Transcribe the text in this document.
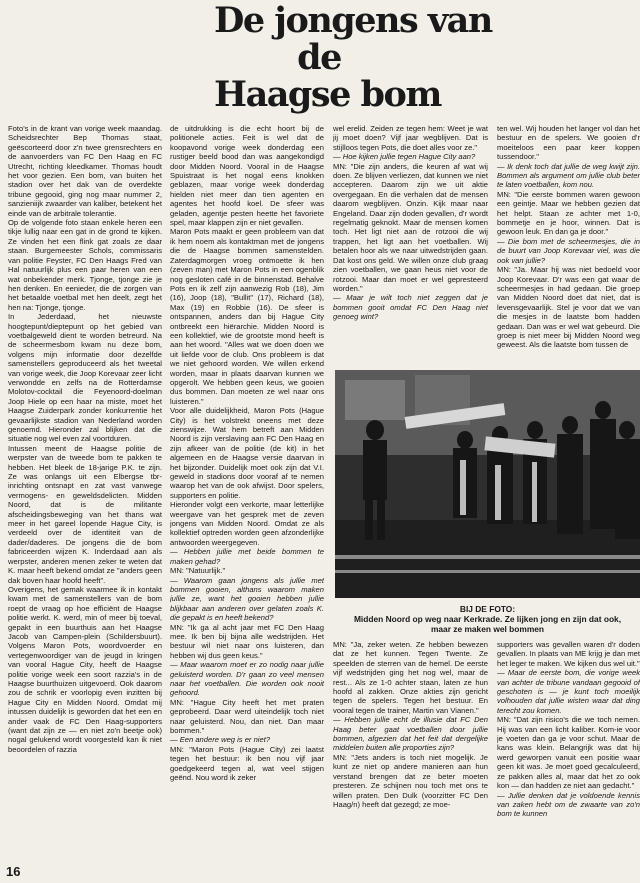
De jongens van
de
Haagse bom

Foto's in de krant van vorige week maandag. Scheidsrechter Bep Thomas staat, geëscorteerd door z'n twee grensrechters en de aanvoerders van FC Den Haag en FC Utrecht, richting kleedkamer. Thomas houdt het voor gezien. Een bom, van buiten het stadion over het dak van de overdekte tribune gegooid, ging nog maar nummer 2, sanzieniijk zwaarder van kaliber, betekent het einde van de arbitrale tolerantie.

Op de volgende foto staan enkele heren een tikje lullig naar een gat in de grond te kijken. Ze vinden het een flink gat zoals ze daar staan. Burgemeester Schols, commissaris van politie Feyster, FC Den Haags Fred van Hal natuurlijk plus een paar heren van een wat onbekender merk. Tjonge, tjonge zie je hen denken. En eenieder, die de zorgen van het betaalde voetbal met hen deelt, zegt het hen na: Tjonge, tjonge.

In Jederdaad, het nieuwste hoogtepunt/dieptepunt op het gebied van voetbalgeweld dient te worden betreurd. Na de scheermesbom kwam nu deze bom, volgens mijn informatie door dezelfde samenstellers geproduceerd als het tweetal van vorige week, die Joop Korevaar zeer licht verwondde en zelfs na de Rotterdamse Molotov-cocktail die Feyenoord-doelman Joop Hiele op een haar na miste, moet het Haagse Zuiderpark zonder konkurrentie het gevaarlijkste stadion van Nederland worden genoemd. Hieronder zal blijken dat die situatie nog wel even zal voortduren.

Intussen meent de Haagse politie de werpster van de tweede bom te pakken te hebben. Het bleek de 18-jarige P.K. te zijn. Ze was onlangs uit een Elbergse tbr-inrichting ontsnapt en zat vast vanwege vermogens- en geweldsdelicten. Midden Noord, dat is de militante afscheidingsbeweging van het thans wat meer in het gareel lopende Hague City, is verdeeld over de identiteit van de dader/daderes. De jongens die de bom fabriceerden wijzen K. Inderdaad aan als werpster, anderen menen zeker te weten dat K. maar heeft bekend omdat ze "anders geen dak boven haar hoofd heeft".

Overigens, het gemak waarmee ik in kontakt kwam met de samenstellers van de bom roept de vraag op hoe efficiënt de Haagse politie werkt. K. werd, min of meer bij toeval, gepakt in een buurthuis aan het Haagse Jacob van Campen-plein (Schildersbuurt). Volgens Maron Pots, woordvoerder en vertegenwoordiger van de jeugd in kringen van vooral Hague City, heeft de Haagse politie vorige week een soort razzia's in de Haagse buurthuizen uitgevoerd. Ook daarom zou de schrik er voorlopig even inzitten bij Hague City en Midden Noord. Omdat mij intussen duidelijk is geworden dat het een en ander vaak de FC Den Haag-supporters (want dat zijn ze — en niet zo'n beetje ook) nogal gelukend wordt voorgesteld kan ik niet beoordelen of razzia

de uitdrukking is die echt hoort bij de politionele acties. Feit is wel dat de koopavond vorige week donderdag een rustiger beeld bood dan was aangekondigd door Midden Noord. Vooral in de Haagse Spuistraat is het nogal eens knokken geblazen, maar vorige week donderdag hielden niet meer dan tien agenten en agentes het hoofd koel. De sfeer was geladen, agentje pesten heette het favoriete spel, maar klappen zijn er niet gevallen.

Maron Pots maakt er geen probleem van dat ik hem noem als kontaktman met de jongens die de Haagse bommen samenstelden. Zaterdagmorgen vroeg ontmoette ik hen (zeven man) met Maron Pots in een ogenblik nog gesloten café in de binnenstad. Behalve Pots en ik zelf zijn aanwezig Rob (18), Jim (16), Joop (18), "Bullit" (17), Richard (18), Max (19) en Robbie (16). De sfeer is ontspannen, anders dan bij Hague City ontbreekt een hiërarchie. Midden Noord is een kollektief, wie de grootste mond heeft is aan het woord. "Alles wat we doen doen we uit liefde voor de club. Ons probleem is dat we niet gehoord worden. We willen erkend worden, maar in plaats daarvan kunnen we opgerolt. We hebben geen keus, we gooien dus bommen. Dan moeten ze wel naar ons luisteren."

Voor alle duidelijkheid, Maron Pots (Hague City) is het volstrekt oneens met deze zienswijze. Wat hem betreft aan Midden Noord is zijn verslaving aan FC Den Haag en zijn afkeer van de politie (de kit) in het algemeen en de Haagse versie daarvan in het bijzonder. Duidelijk moet ook zijn dat V.I. geweld in stadions door vooraf af te nemen waarop het van de ook afwijst. Door spelers, supporters en politie.

Hieronder volgt een verkorte, maar letterlijke weergave van het gesprek met de zeven jongens van Midden Noord. Omdat ze als kollektief optreden worden geen afzonderlijke antwoorden weergegeven.

— Hebben jullie met beide bommen te maken gehad?

MN: "Natuurlijk."

— Waarom gaan jongens als jullie met bommen gooien, althans waarom maken jullie ze, want het gooien hebben jullie blijkbaar aan anderen over gelaten zoals K. die gepakt is en heeft bekend?

MN: "Ik ga al acht jaar met FC Den Haag mee. Ik ben bij bijna alle wedstrijden. Het bestuur wil niet naar ons luisteren, dan hebben wij dus geen keus."

— Maar waarom moet er zo nodig naar jullie geluisterd worden. D'r gaan zo veel mensen naar het voetballen. Die worden ook nooit gehoord.

MN: "Hague City heeft het met praten geprobeerd. Daar werd uiteindelijk toch niet naar geluisterd. Nou, dan niet. Dan maar bommen."

— Een andere weg is er niet?

MN: "Maron Pots (Hague City) zei laatst tegen het bestuur: ik ben nou vijf jaar goedgekeerd tegen al, wat veel stijgen geënd. Nou word ik zeker

wel erelid. Zeiden ze tegen hem: Weet je wat jij moet doen? Vijf jaar wegblijven. Dat is stijlloos tegen Pots, die doet alles voor ze."

— Hoe kijken jullie tegen Hague City aan?

MN: "Die zijn anders, die keuren af wat wij doen. Ze blijven verliezen, dat kunnen we niet accepteren. Daarom zijn we uit aktie overgegaan. En die verhalen dat de mensen daarom wegblijven. Onzin. Kijk maar naar Engeland. Daar zijn doden gevallen, d'r wordt regelmatig geknokt. Maar de mensen komen toch. Het ligt niet aan de rotzooi die wij trappen, het ligt aan het voetballen. Wij betalen hoor als we naar uitwedstrijden gaan. Dat kost ons geld. We willen onze club graag zien voetballen, we gaan heus niet voor de rotzooi. Maar dan moet er wel gepresteerd worden."

— Maar je wilt toch niet zeggen dat je bommen gooit omdat FC Den Haag niet genoeg wint?

ten wel. Wij houden het langer vol dan het bestuur en de spelers. We gooien d'r moeiteloos een paar keer koppen tussendoor."

— Ik denk toch dat jullie de weg kwijt zijn. Bommen als argument om jullie club beter te laten voetballen, kom nou.

MN: "Die eerste bommen waren gewoon een geintje. Maar we hebben gezien dat het helpt. Staan ze achter met 1-0, bommetje en je hoor, winnen. Dat is gewoon leuk. En dan ga je door."

— Die bom met de scheermesjes, die in de buurt van Joop Korevaar viel, was die ook van jullie?

MN: "Ja. Maar hij was niet bedoeld voor Joop Korevaar. D'r was een gat waar de scheermesjes in had gedaan. Die groep van Midden Noord doet dat niet, dat is levensgevaarlijk. Stel je voor dat we van die mesjes in de laatste bom hadden gedaan. Dan was er wel wat gebeurd. Die groep is niet meer bij Midden Noord weg geweest. Als die laatste bom tussen de

BIJ DE FOTO:
Midden Noord op weg naar Kerkrade. Ze lijken jong en zijn dat ook,
maar ze maken wel bommen

MN: "Ja, zeker weten. Ze hebben bewezen dat ze het kunnen. Tegen Twente. Ze speelden de sterren van de hemel. De eerste vijf wedstrijden ging het nog wel, maar de rest... Als ze 1-0 achter staan, laten ze hun hoofd al zakken. Onze akties zijn gericht tegen de spelers. Tegen het bestuur. En vooral tegen de trainer, Martin van Vianen."

— Hebben jullie echt de illusie dat FC Den Haag beter gaat voetballen door jullie bommen, afgezien dat het feit dat dergelijke middelen buiten alle proporties zijn?

MN: "Jets anders is toch niet mogelijk. Je kunt ze niet op andere manieren aan hun verstand brengen dat ze beter moeten presteren. Ze schijnen nou toch met ons te willen praten. Den Dulk (voorzitter FC Den Haag/n) heeft dat gezegd; ze moe-

supporters was gevallen waren d'r doden gevallen. In plaats van ME krijg je dan met het leger te maken. We kijken dus wel uit."

— Maar de eerste bom, die vorige week van achter de tribune vandaan gegooid of geschoten is — je kunt toch moeilijk volhouden dat jullie wisten waar dat ding terecht zou komen.

MN: "Dat zijn risico's die we toch nemen. Hij was van een licht kaliber. Kom-ie voor je voeten dan ga je voor schut. Maar de kans was klein. Belangrijk was dat hij werd geworpen vanuit een positie waar geen kit was. Je moet goed gecalculeerd, ze pakken alles al, maar dat het zo ook kon — dan hadden ze niet aan gedacht."

— Jullie denken dat je voldoende kennis van zaken hebt om de zwaarte van zo'n bom te kunnen

16
